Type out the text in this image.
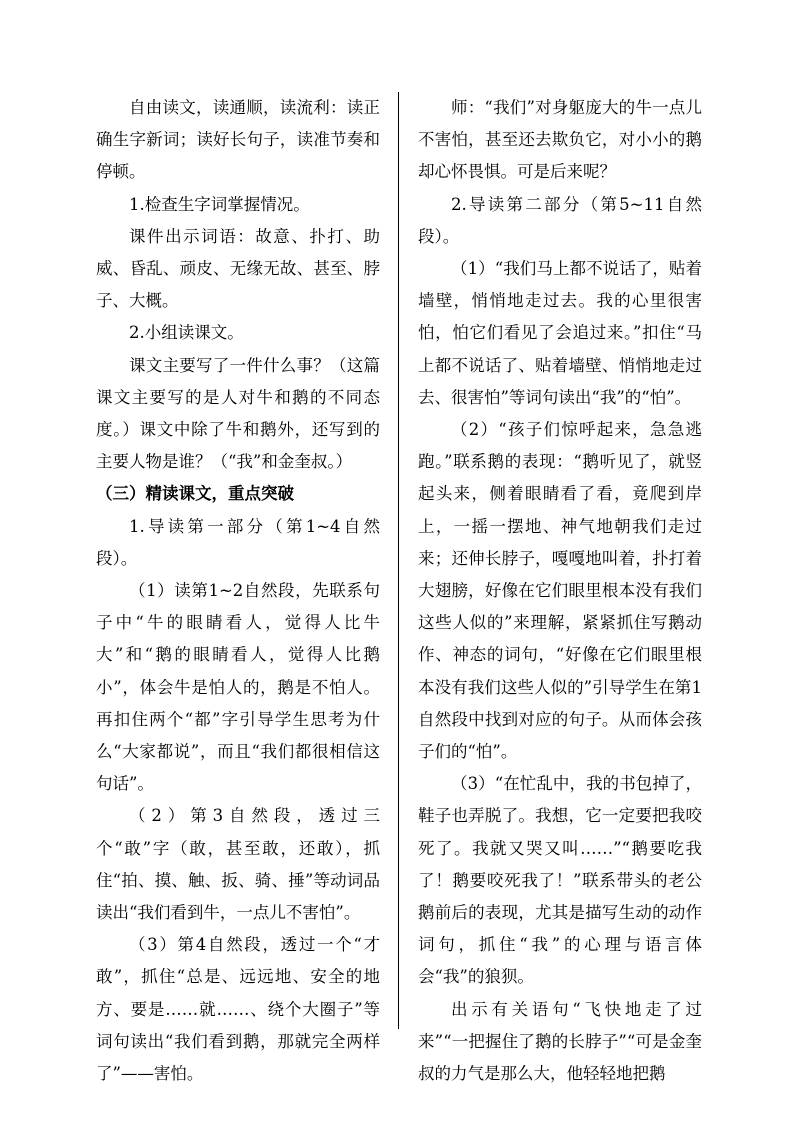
自由读文，读通顺，读流利：读正确生字新词；读好长句子，读准节奏和停顿。

1.检查生字词掌握情况。

课件出示词语：故意、扑打、助威、昏乱、顽皮、无缘无故、甚至、脖子、大概。

2.小组读课文。

课文主要写了一件什么事？（这篇课文主要写的是人对牛和鹅的不同态度。）课文中除了牛和鹅外，还写到的主要人物是谁？（“我”和金奎叔。）

（三）精读课文，重点突破

1.导读第一部分（第1~4自然段）。

（1）读第1~2自然段，先联系句子中“牛的眼睛看人，觉得人比牛大”和“鹅的眼睛看人，觉得人比鹅小”，体会牛是怕人的，鹅是不怕人。再扣住两个“都”字引导学生思考为什么“大家都说”，而且“我们都很相信这句话”。

（2）第3自然段，透过三个“敢”字（敢，甚至敢，还敢），抓住“拍、摸、触、扳、骑、捶”等动词品读出“我们看到牛，一点儿不害怕”。

（3）第4自然段，透过一个“才敢”，抓住“总是、远远地、安全的地方、要是……就……、绕个大圈子”等词句读出“我们看到鹅，那就完全两样了”——害怕。

师：“我们”对身躯庞大的牛一点儿不害怕，甚至还去欺负它，对小小的鹅却心怀畏惧。可是后来呢？

2.导读第二部分（第5~11自然段）。

（1）“我们马上都不说话了，贴着墙壁，悄悄地走过去。我的心里很害怕，怕它们看见了会追过来。”扣住“马上都不说话了、贴着墙壁、悄悄地走过去、很害怕”等词句读出“我”的“怕”。

（2）“孩子们惊呼起来，急急逃跑。”联系鹅的表现：“鹅听见了，就竖起头来，侧着眼睛看了看，竟爬到岸上，一摇一摆地、神气地朝我们走过来；还伸长脖子，嘎嘎地叫着，扑打着大翅膀，好像在它们眼里根本没有我们这些人似的”来理解，紧紧抓住写鹅动作、神态的词句，“好像在它们眼里根本没有我们这些人似的”引导学生在第1自然段中找到对应的句子。从而体会孩子们的“怕”。

（3）“在忙乱中，我的书包掉了，鞋子也弄脱了。我想，它一定要把我咬死了。我就又哭又叫……”“鹅要吃我了！鹅要咬死我了！”联系带头的老公鹅前后的表现，尤其是描写生动的动作词句，抓住“我”的心理与语言体会“我”的狼狈。

出示有关语句“飞快地走了过来”“一把握住了鹅的长脖子”“可是金奎叔的力气是那么大，他轻轻地把鹅
